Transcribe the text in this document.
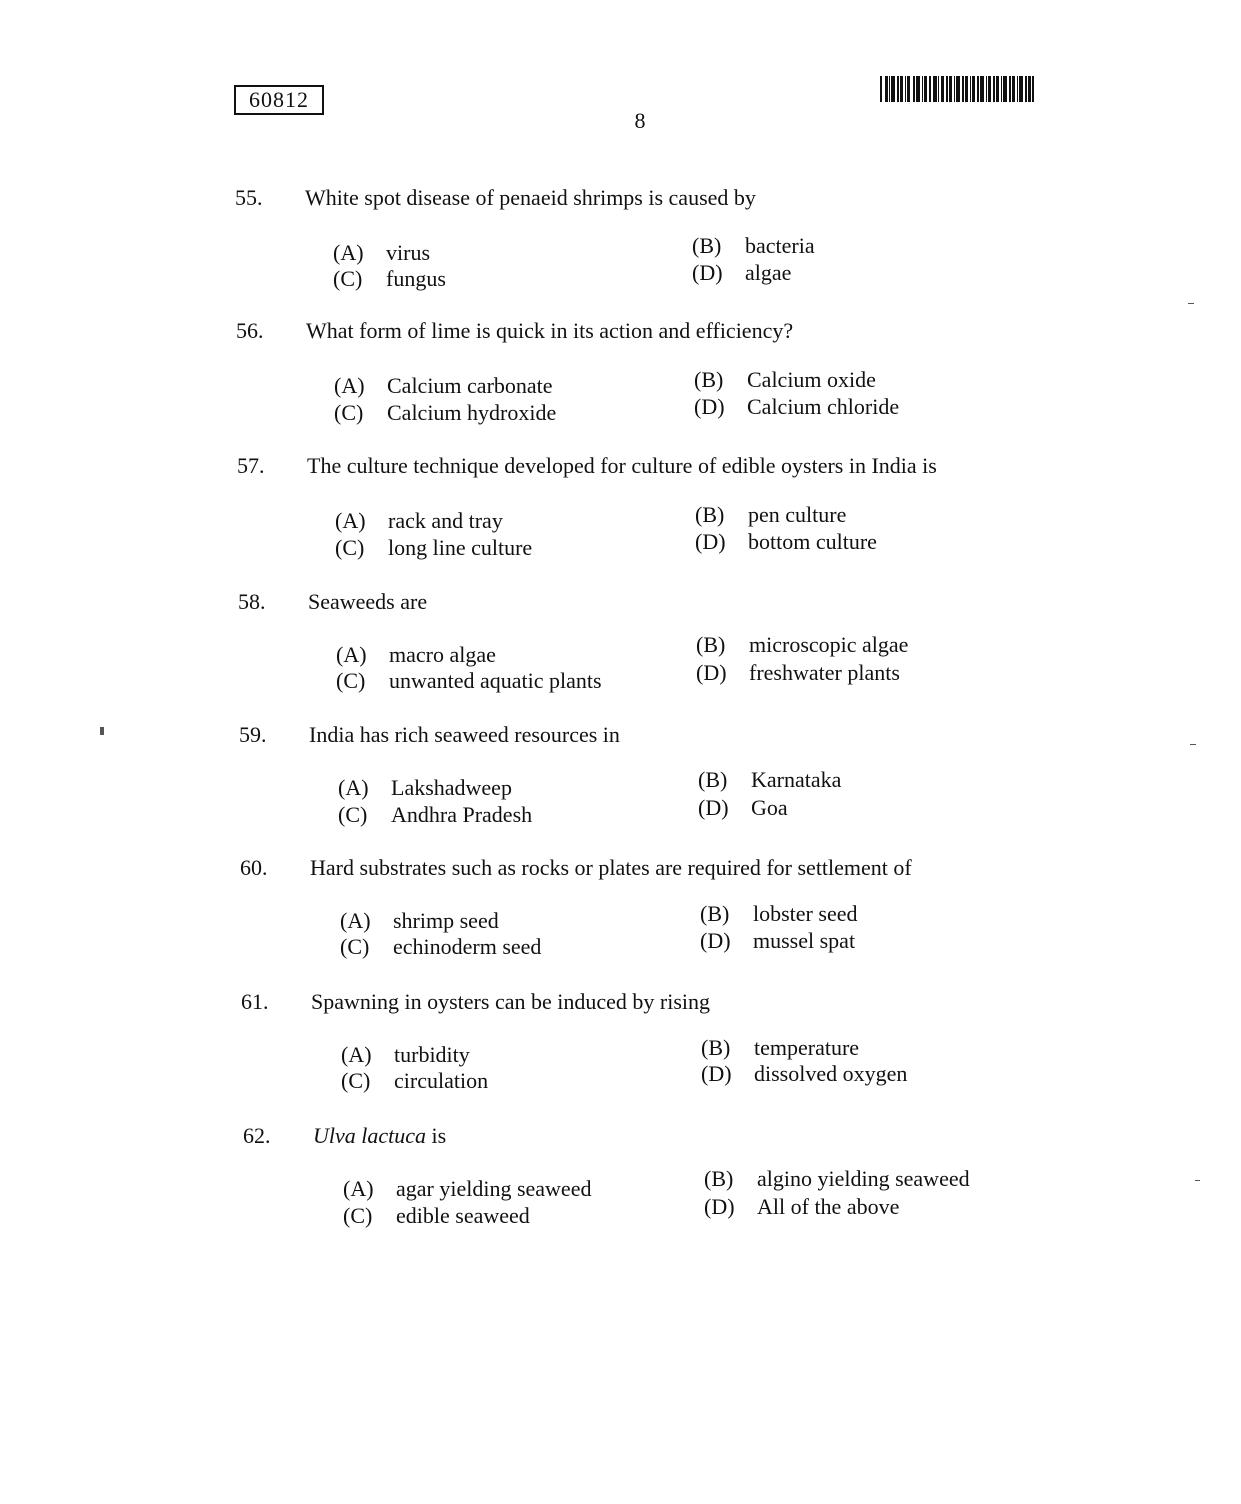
60812
8
55. White spot disease of penaeid shrimps is caused by
(A) virus	(B) bacteria
(C) fungus	(D) algae
56. What form of lime is quick in its action and efficiency?
(A) Calcium carbonate	(B) Calcium oxide
(C) Calcium hydroxide	(D) Calcium chloride
57. The culture technique developed for culture of edible oysters in India is
(A) rack and tray	(B) pen culture
(C) long line culture	(D) bottom culture
58. Seaweeds are
(A) macro algae	(B) microscopic algae
(C) unwanted aquatic plants	(D) freshwater plants
59. India has rich seaweed resources in
(A) Lakshadweep	(B) Karnataka
(C) Andhra Pradesh	(D) Goa
60. Hard substrates such as rocks or plates are required for settlement of
(A) shrimp seed	(B) lobster seed
(C) echinoderm seed	(D) mussel spat
61. Spawning in oysters can be induced by rising
(A) turbidity	(B) temperature
(C) circulation	(D) dissolved oxygen
62. Ulva lactuca is
(A) agar yielding seaweed	(B) algino yielding seaweed
(C) edible seaweed	(D) All of the above
